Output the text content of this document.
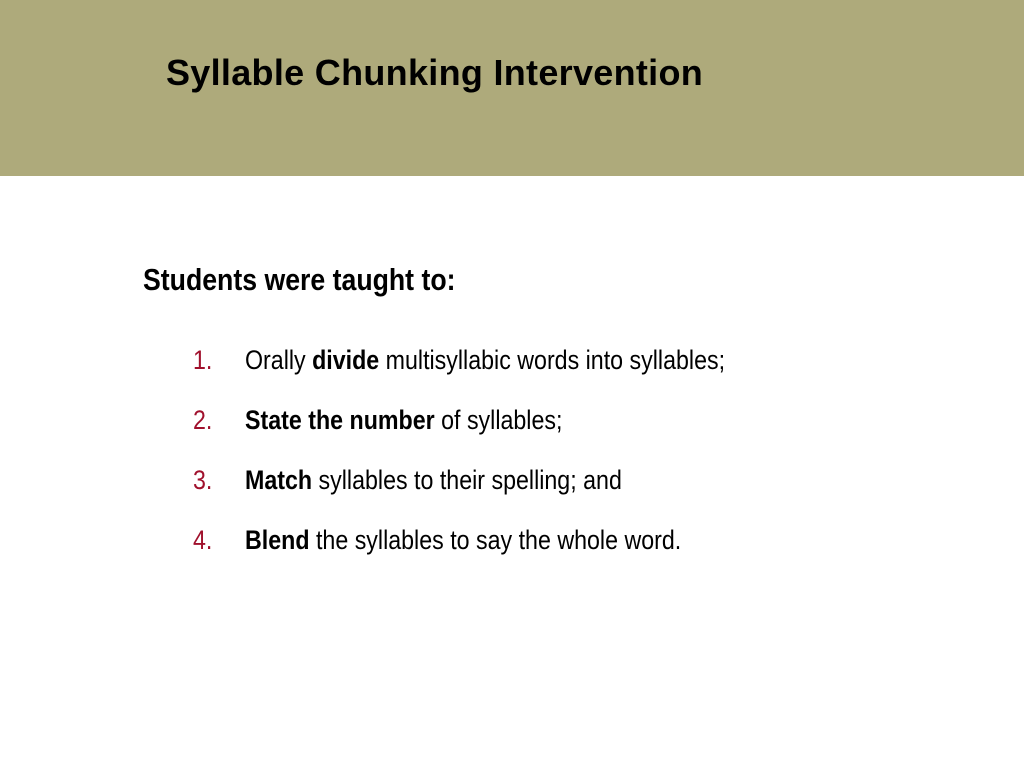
Syllable Chunking Intervention
Students were taught to:
1. Orally divide multisyllabic words into syllables;
2. State the number of syllables;
3. Match syllables to their spelling; and
4. Blend the syllables to say the whole word.
